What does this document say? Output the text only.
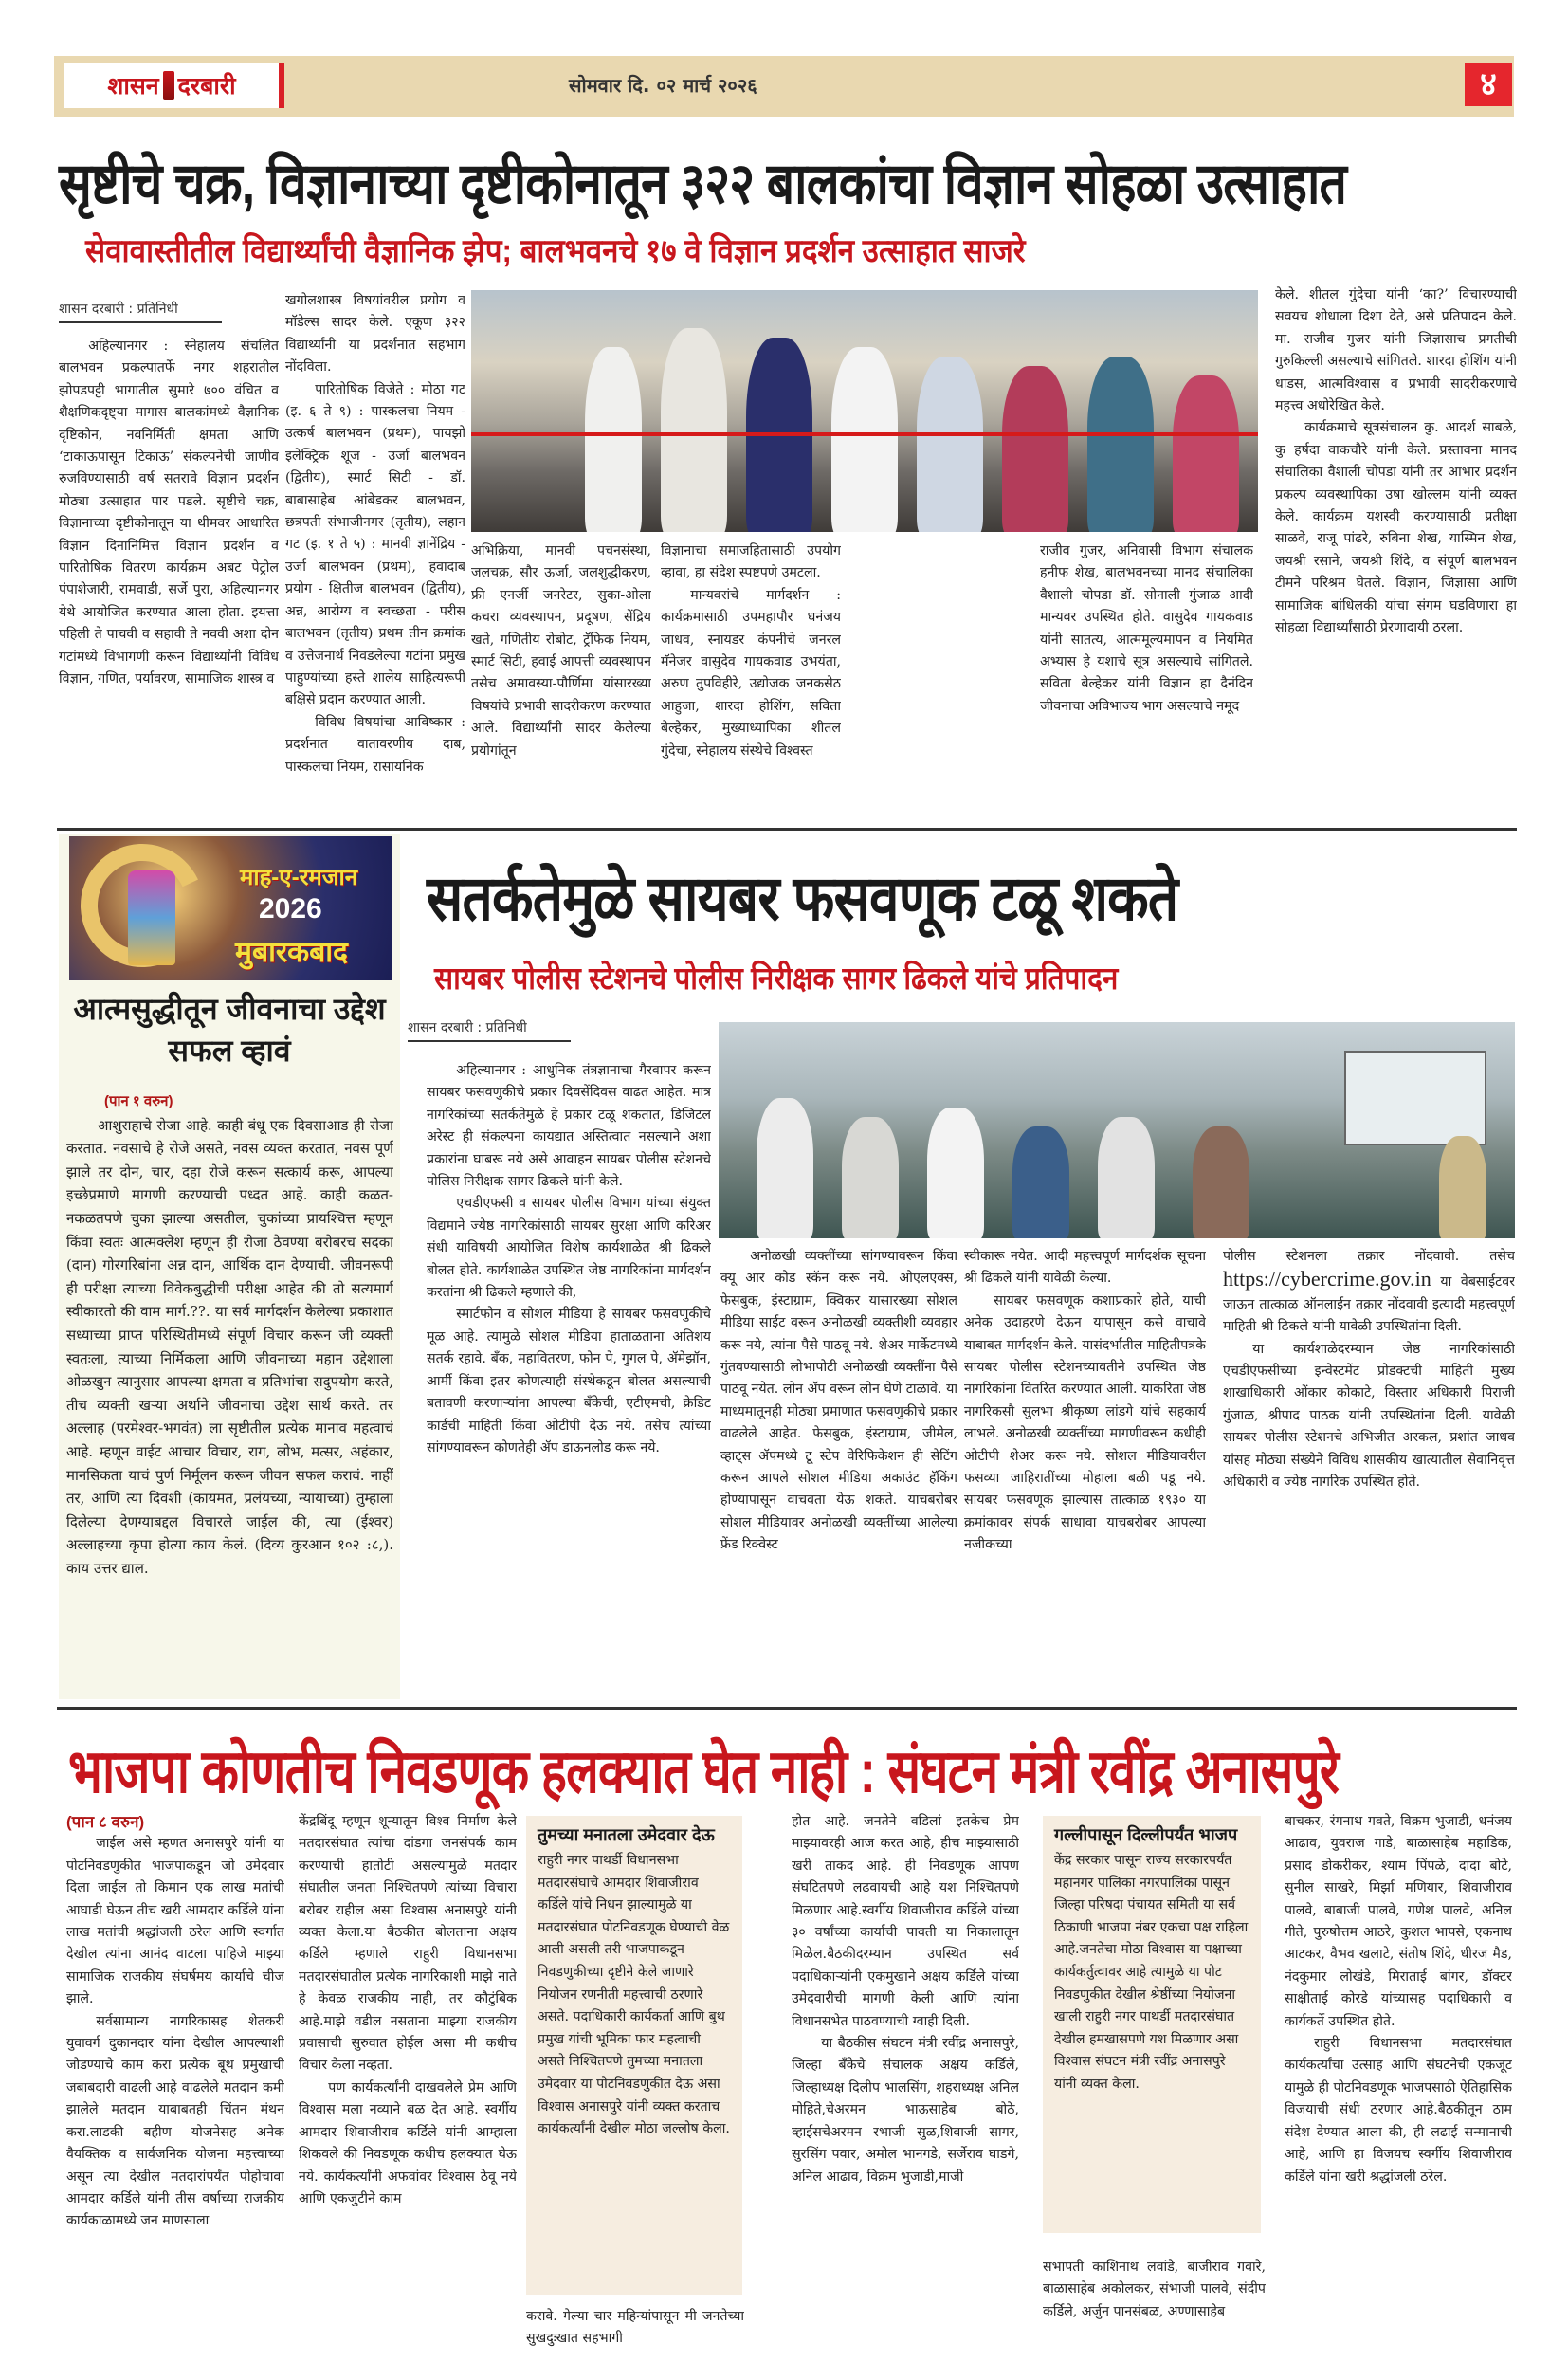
शासन दरबारी	सोमवार दि. ०२ मार्च २०२६	४
सृष्टीचे चक्र, विज्ञानाच्या दृष्टीकोनातून ३२२ बालकांचा विज्ञान सोहळा उत्साहात
सेवावास्तीतील विद्यार्थ्यांची वैज्ञानिक झेप; बालभवनचे १७ वे विज्ञान प्रदर्शन उत्साहात साजरे
शासन दरबारी : प्रतिनिधी

अहिल्यानगर : स्नेहालय संचलित बालभवन प्रकल्पातर्फे नगर शहरातील झोपडपट्टी भागातील सुमारे ७०० वंचित व शैक्षणिकदृष्ट्या मागास बालकांमध्ये वैज्ञानिक दृष्टिकोन, नवनिर्मिती क्षमता आणि ‘टाकाऊपासून टिकाऊ’ संकल्पनेची जाणीव रुजविण्यासाठी वर्ष सतरावे विज्ञान प्रदर्शन मोठ्या उत्साहात पार पडले. सृष्टीचे चक्र, विज्ञानाच्या दृष्टीकोनातून या थीमवर आधारित विज्ञान दिनानिमित्त विज्ञान प्रदर्शन व पारितोषिक वितरण कार्यक्रम अबट पेट्रोल पंपाशेजारी, रामवाडी, सर्जे पुरा, अहिल्यानगर येथे आयोजित करण्यात आला होता. इयत्ता पहिली ते पाचवी व सहावी ते नववी अशा दोन गटांमध्ये विभागणी करून विद्यार्थ्यांनी विविध विज्ञान, गणित, पर्यावरण, सामाजिक शास्त्र व

खगोलशास्त्र विषयांवरील प्रयोग व मॉडेल्स सादर केले. एकूण ३२२ विद्यार्थ्यांनी या प्रदर्शनात सहभाग नोंदविला.

पारितोषिक विजेते : मोठा गट (इ. ६ ते ९) : पास्कलचा नियम - उत्कर्ष बालभवन (प्रथम), पायझो इलेक्ट्रिक शूज - उर्जा बालभवन (द्वितीय), स्मार्ट सिटी - डॉ. बाबासाहेब आंबेडकर बालभवन, छत्रपती संभाजीनगर (तृतीय), लहान गट (इ. १ ते ५) : मानवी ज्ञानेंद्रिय - उर्जा बालभवन (प्रथम), हवादाब प्रयोग - क्षितीज बालभवन (द्वितीय), अन्न, आरोग्य व स्वच्छता - परीस बालभवन (तृतीय) प्रथम तीन क्रमांक व उत्तेजनार्थ निवडलेल्या गटांना प्रमुख पाहुण्यांच्या हस्ते शालेय साहित्यरूपी बक्षिसे प्रदान करण्यात आली.

विविध विषयांचा आविष्कार : प्रदर्शनात वातावरणीय दाब, पास्कलचा नियम, रासायनिक

अभिक्रिया, मानवी पचनसंस्था, जलचक्र, सौर ऊर्जा, जलशुद्धीकरण, फ्री एनर्जी जनरेटर, सुका-ओला कचरा व्यवस्थापन, प्रदूषण, सेंद्रिय खते, गणितीय रोबोट, ट्रॅफिक नियम, स्मार्ट सिटी, हवाई आपत्ती व्यवस्थापन तसेच अमावस्या-पौर्णिमा यांसारख्या विषयांचे प्रभावी सादरीकरण करण्यात आले. विद्यार्थ्यांनी सादर केलेल्या प्रयोगांतून

विज्ञानाचा समाजहितासाठी उपयोग व्हावा, हा संदेश स्पष्टपणे उमटला.

मान्यवरांचे मार्गदर्शन : कार्यक्रमासाठी उपमहापौर धनंजय जाधव, स्नायडर कंपनीचे जनरल मॅनेजर वासुदेव गायकवाड उभयंता, अरुण तुपविहीरे, उद्योजक जनकसेठ आहुजा, शारदा होशिंग, सविता बेल्हेकर, मुख्याध्यापिका शीतल गुंदेचा, स्नेहालय संस्थेचे विश्वस्त

राजीव गुजर, अनिवासी विभाग संचालक हनीफ शेख, बालभवनच्या मानद संचालिका वैशाली चोपडा डॉ. सोनाली गुंजाळ आदी मान्यवर उपस्थित होते. वासुदेव गायकवाड यांनी सातत्य, आत्ममूल्यमापन व नियमित अभ्यास हे यशाचे सूत्र असल्याचे सांगितले. सविता बेल्हेकर यांनी विज्ञान हा दैनंदिन जीवनाचा अविभाज्य भाग असल्याचे नमूद

केले. शीतल गुंदेचा यांनी ‘का?’ विचारण्याची सवयच शोधाला दिशा देते, असे प्रतिपादन केले. मा. राजीव गुजर यांनी जिज्ञासाच प्रगतीची गुरुकिल्ली असल्याचे सांगितले. शारदा होशिंग यांनी धाडस, आत्मविश्वास व प्रभावी सादरीकरणाचे महत्त्व अधोरेखित केले.

कार्यक्रमाचे सूत्रसंचालन कु. आदर्श साबळे, कु हर्षदा वाकचौरे यांनी केले. प्रस्तावना मानद संचालिका वैशाली चोपडा यांनी तर आभार प्रदर्शन प्रकल्प व्यवस्थापिका उषा खोल्लम यांनी व्यक्त केले. कार्यक्रम यशस्वी करण्यासाठी प्रतीक्षा साळवे, राजू पांढरे, रुबिना शेख, यास्मिन शेख, जयश्री रसाने, जयश्री शिंदे, व संपूर्ण बालभवन टीमने परिश्रम घेतले. विज्ञान, जिज्ञासा आणि सामाजिक बांधिलकी यांचा संगम घडविणारा हा सोहळा विद्यार्थ्यांसाठी प्रेरणादायी ठरला.

माह-ए-रमजान
2026
मुबारकबाद
आत्मसुद्धीतून जीवनाचा उद्देश सफल व्हावं
(पान १ वरुन)

आशुराहाचे रोजा आहे. काही बंधू एक दिवसाआड ही रोजा करतात. नवसाचे हे रोजे असते, नवस व्यक्त करतात, नवस पूर्ण झाले तर दोन, चार, दहा रोजे करून सत्कार्य करू, आपल्या इच्छेप्रमाणे मागणी करण्याची पध्दत आहे. काही कळत- नकळतपणे चुका झाल्या असतील, चुकांच्या प्रायश्चित्त म्हणून किंवा स्वतः आत्मक्लेश म्हणून ही रोजा ठेवण्या बरोबरच सदका (दान) गोरगरिबांना अन्न दान, आर्थिक दान देण्याची. जीवनरूपी ही परीक्षा त्याच्या विवेकबुद्धीची परीक्षा आहेत की तो सत्यमार्ग स्वीकारतो की वाम मार्ग.??. या सर्व मार्गदर्शन केलेल्या प्रकाशात सध्याच्या प्राप्त परिस्थितीमध्ये संपूर्ण विचार करून जी व्यक्ती स्वतःला, त्याच्या निर्मिकला आणि जीवनाच्या महान उद्देशाला ओळखुन त्यानुसार आपल्या क्षमता व प्रतिभांचा सदुपयोग करते, तीच व्यक्ती खऱ्या अर्थाने जीवनाचा उद्देश सार्थ करते. तर अल्लाह (परमेश्वर-भगवंत) ला सृष्टीतील प्रत्येक मानाव महत्वाचं आहे. म्हणून वाईट आचार विचार, राग, लोभ, मत्सर, अहंकार, मानसिकता याचं पुर्ण निर्मूलन करून जीवन सफल करावं. नाहीं तर, आणि त्या दिवशी (कायमत, प्रलंयच्या, न्यायाच्या) तुम्हाला दिलेल्या देणग्याबद्दल विचारले जाईल की, त्या (ईश्वर) अल्लाहच्या कृपा होत्या काय केलं. (दिव्य कुरआन १०२ :८,). काय उत्तर द्याल.

सतर्कतेमुळे सायबर फसवणूक टळू शकते
सायबर पोलीस स्टेशनचे पोलीस निरीक्षक सागर ढिकले यांचे प्रतिपादन
शासन दरबारी : प्रतिनिधी

अहिल्यानगर : आधुनिक तंत्रज्ञानाचा गैरवापर करून सायबर फसवणुकीचे प्रकार दिवसेंदिवस वाढत आहेत. मात्र नागरिकांच्या सतर्कतेमुळे हे प्रकार टळू शकतात, डिजिटल अरेस्ट ही संकल्पना कायद्यात अस्तित्वात नसल्याने अशा प्रकारांना घाबरू नये असे आवाहन सायबर पोलीस स्टेशनचे पोलिस निरीक्षक सागर ढिकले यांनी केले.

एचडीएफसी व सायबर पोलीस विभाग यांच्या संयुक्त विद्यमाने ज्येष्ठ नागरिकांसाठी सायबर सुरक्षा आणि करिअर संधी याविषयी आयोजित विशेष कार्यशाळेत श्री ढिकले बोलत होते. कार्यशाळेत उपस्थित जेष्ठ नागरिकांना मार्गदर्शन करतांना श्री ढिकले म्हणाले की,

स्मार्टफोन व सोशल मीडिया हे सायबर फसवणुकीचे मूळ आहे. त्यामुळे सोशल मीडिया हाताळताना अतिशय सतर्क रहावे. बँक, महावितरण, फोन पे, गुगल पे, ॲमेझॉन, आर्मी किंवा इतर कोणत्याही संस्थेकडून बोलत असल्याची बतावणी करणाऱ्यांना आपल्या बँकेची, एटीएमची, क्रेडिट कार्डची माहिती किंवा ओटीपी देऊ नये. तसेच त्यांच्या सांगण्यावरून कोणतेही ॲप डाऊनलोड करू नये.

अनोळखी व्यक्तींच्या सांगण्यावरून किंवा क्यू आर कोड स्कॅन करू नये. ओएलएक्स, फेसबुक, इंस्टाग्राम, क्विकर यासारख्या सोशल मीडिया साईट वरून अनोळखी व्यक्तीशी व्यवहार करू नये, त्यांना पैसे पाठवू नये. शेअर मार्केटमध्ये गुंतवण्यासाठी लोभापोटी अनोळखी व्यक्तींना पैसे पाठवू नयेत. लोन ॲप वरून लोन घेणे टाळावे. या माध्यमातूनही मोठ्या प्रमाणात फसवणुकीचे प्रकार वाढलेले आहेत. फेसबुक, इंस्टाग्राम, जीमेल, व्हाट्स ॲपमध्ये टू स्टेप वेरिफिकेशन ही सेटिंग करून आपले सोशल मीडिया अकाउंट हॅकिंग होण्यापासून वाचवता येऊ शकते. याचबरोबर सोशल मीडियावर अनोळखी व्यक्तींच्या आलेल्या फ्रेंड रिक्वेस्ट

स्वीकारू नयेत. आदी महत्त्वपूर्ण मार्गदर्शक सूचना श्री ढिकले यांनी यावेळी केल्या.

सायबर फसवणूक कशाप्रकारे होते, याची अनेक उदाहरणे देऊन यापासून कसे वाचावे याबाबत मार्गदर्शन केले. यासंदर्भातील माहितीपत्रके सायबर पोलीस स्टेशनच्यावतीने उपस्थित जेष्ठ नागरिकांना वितरित करण्यात आली. याकरिता जेष्ठ नागरिकसौ सुलभा श्रीकृष्ण लांडगे यांचे सहकार्य लाभले. अनोळखी व्यक्तींच्या मागणीवरून कधीही ओटीपी शेअर करू नये. सोशल मीडियावरील फसव्या जाहिरातींच्या मोहाला बळी पडू नये. सायबर फसवणूक झाल्यास तात्काळ १९३० या क्रमांकावर संपर्क साधावा याचबरोबर आपल्या नजीकच्या

पोलीस स्टेशनला तक्रार नोंदवावी. तसेच https://cybercrime.gov.in या वेबसाईटवर जाऊन तात्काळ ऑनलाईन तक्रार नोंदवावी इत्यादी महत्त्वपूर्ण माहिती श्री ढिकले यांनी यावेळी उपस्थितांना दिली.

या कार्यशाळेदरम्यान जेष्ठ नागरिकांसाठी एचडीएफसीच्या इन्वेस्टमेंट प्रोडक्टची माहिती मुख्य शाखाधिकारी ओंकार कोकाटे, विस्तार अधिकारी पिराजी गुंजाळ, श्रीपाद पाठक यांनी उपस्थितांना दिली. यावेळी सायबर पोलीस स्टेशनचे अभिजीत अरकल, प्रशांत जाधव यांसह मोठ्या संख्येने विविध शासकीय खात्यातील सेवानिवृत्त अधिकारी व ज्येष्ठ नागरिक उपस्थित होते.

भाजपा कोणतीच निवडणूक हलक्यात घेत नाही : संघटन मंत्री रवींद्र अनासपुरे
(पान ८ वरुन)

जाईल असे म्हणत अनासपुरे यांनी या पोटनिवडणुकीत भाजपाकडून जो उमेदवार दिला जाईल तो किमान एक लाख मतांची आघाडी घेऊन तीच खरी आमदार कर्डिले यांना लाख मतांची श्रद्धांजली ठरेल आणि स्वर्गात देखील त्यांना आनंद वाटला पाहिजे माझ्या सामाजिक राजकीय संघर्षमय कार्याचे चीज झाले.

सर्वसामान्य नागरिकासह शेतकरी युवावर्ग दुकानदार यांना देखील आपल्याशी जोडण्याचे काम करा प्रत्येक बूथ प्रमुखाची जबाबदारी वाढली आहे वाढलेले मतदान कमी झालेले मतदान याबाबतही चिंतन मंथन करा.लाडकी बहीण योजनेसह अनेक वैयक्तिक व सार्वजनिक योजना महत्त्वाच्या असून त्या देखील मतदारांपर्यंत पोहोचावा आमदार कर्डिले यांनी तीस वर्षाच्या राजकीय कार्यकाळामध्ये जन माणसाला

केंद्रबिंदू म्हणून शून्यातून विश्व निर्माण केले मतदारसंघात त्यांचा दांडगा जनसंपर्क काम करण्याची हातोटी असल्यामुळे मतदार संघातील जनता निश्चितपणे त्यांच्या विचारा बरोबर राहील असा विश्वास अनासपुरे यांनी व्यक्त केला.या बैठकीत बोलताना अक्षय कर्डिले म्हणाले राहुरी विधानसभा मतदारसंघातील प्रत्येक नागरिकाशी माझे नाते हे केवळ राजकीय नाही, तर कौटुंबिक आहे.माझे वडील नसताना माझ्या राजकीय प्रवासाची सुरुवात होईल असा मी कधीच विचार केला नव्हता.

पण कार्यकर्त्यांनी दाखवलेले प्रेम आणि विश्वास मला नव्याने बळ देत आहे. स्वर्गीय आमदार शिवाजीराव कर्डिले यांनी आम्हाला शिकवले की निवडणूक कधीच हलक्यात घेऊ नये. कार्यकर्त्यांनी अफवांवर विश्वास ठेवू नये आणि एकजुटीने काम

तुमच्या मनातला उमेदवार देऊ
राहुरी नगर पाथर्डी विधानसभा मतदारसंघाचे आमदार शिवाजीराव कर्डिले यांचे निधन झाल्यामुळे या मतदारसंघात पोटनिवडणूक घेण्याची वेळ आली असली तरी भाजपाकडून निवडणुकीच्या दृष्टीने केले जाणारे नियोजन रणनीती महत्त्वाची ठरणारे असते. पदाधिकारी कार्यकर्ता आणि बुथ प्रमुख यांची भूमिका फार महत्वाची असते निश्चितपणे तुमच्या मनातला उमेदवार या पोटनिवडणुकीत देऊ असा विश्वास अनासपुरे यांनी व्यक्त करताच कार्यकर्त्यांनी देखील मोठा जल्लोष केला.

करावे. गेल्या चार महिन्यांपासून मी जनतेच्या सुखदुःखात सहभागी

होत आहे. जनतेने वडिलां इतकेच प्रेम माझ्यावरही आज करत आहे, हीच माझ्यासाठी खरी ताकद आहे. ही निवडणूक आपण संघटितपणे लढवायची आहे यश निश्चितपणे मिळणार आहे.स्वर्गीय शिवाजीराव कर्डिले यांच्या ३० वर्षांच्या कार्याची पावती या निकालातून मिळेल.बैठकीदरम्यान उपस्थित सर्व पदाधिकाऱ्यांनी एकमुखाने अक्षय कर्डिले यांच्या उमेदवारीची मागणी केली आणि त्यांना विधानसभेत पाठवण्याची ग्वाही दिली.

या बैठकीस संघटन मंत्री रवींद्र अनासपुरे, जिल्हा बँकेचे संचालक अक्षय कर्डिले, जिल्हाध्यक्ष दिलीप भालसिंग, शहराध्यक्ष अनिल मोहिते,चेअरमन भाऊसाहेब बोठे, व्हाईसचेअरमन रभाजी सुळ,शिवाजी सागर, सुरसिंग पवार, अमोल भानगडे, सर्जेराव घाडगे, अनिल आढाव, विक्रम भुजाडी,माजी

गल्लीपासून दिल्लीपर्यंत भाजप
केंद्र सरकार पासून राज्य सरकारपर्यंत महानगर पालिका नगरपालिका पासून जिल्हा परिषदा पंचायत समिती या सर्व ठिकाणी भाजपा नंबर एकचा पक्ष राहिला आहे.जनतेचा मोठा विश्वास या पक्षाच्या कार्यकर्तुत्वावर आहे त्यामुळे या पोट निवडणुकीत देखील श्रेष्ठींच्या नियोजना खाली राहुरी नगर पाथर्डी मतदारसंघात देखील हमखासपणे यश मिळणार असा विश्वास संघटन मंत्री रवींद्र अनासपुरे यांनी व्यक्त केला.

सभापती काशिनाथ लवांडे, बाजीराव गवारे, बाळासाहेब अकोलकर, संभाजी पालवे, संदीप कर्डिले, अर्जुन पानसंबळ, अण्णासाहेब

बाचकर, रंगनाथ गवते, विक्रम भुजाडी, धनंजय आढाव, युवराज गाडे, बाळासाहेब महाडिक, प्रसाद डोकरीकर, श्याम पिंपळे, दादा बोटे, सुनील साखरे, मिर्झा मणियार, शिवाजीराव पालवे, बाबाजी पालवे, गणेश पालवे, अनिल गीते, पुरुषोत्तम आठरे, कुशल भापसे, एकनाथ आटकर, वैभव खलाटे, संतोष शिंदे, धीरज मैड, नंदकुमार लोखंडे, मिराताई बांगर, डॉक्टर साक्षीताई कोरडे यांच्यासह पदाधिकारी व कार्यकर्ते उपस्थित होते.

राहुरी विधानसभा मतदारसंघात कार्यकर्त्यांचा उत्साह आणि संघटनेची एकजूट यामुळे ही पोटनिवडणूक भाजपसाठी ऐतिहासिक विजयाची संधी ठरणार आहे.बैठकीतून ठाम संदेश देण्यात आला की, ही लढाई सन्मानाची आहे, आणि हा विजयच स्वर्गीय शिवाजीराव कर्डिले यांना खरी श्रद्धांजली ठरेल.
